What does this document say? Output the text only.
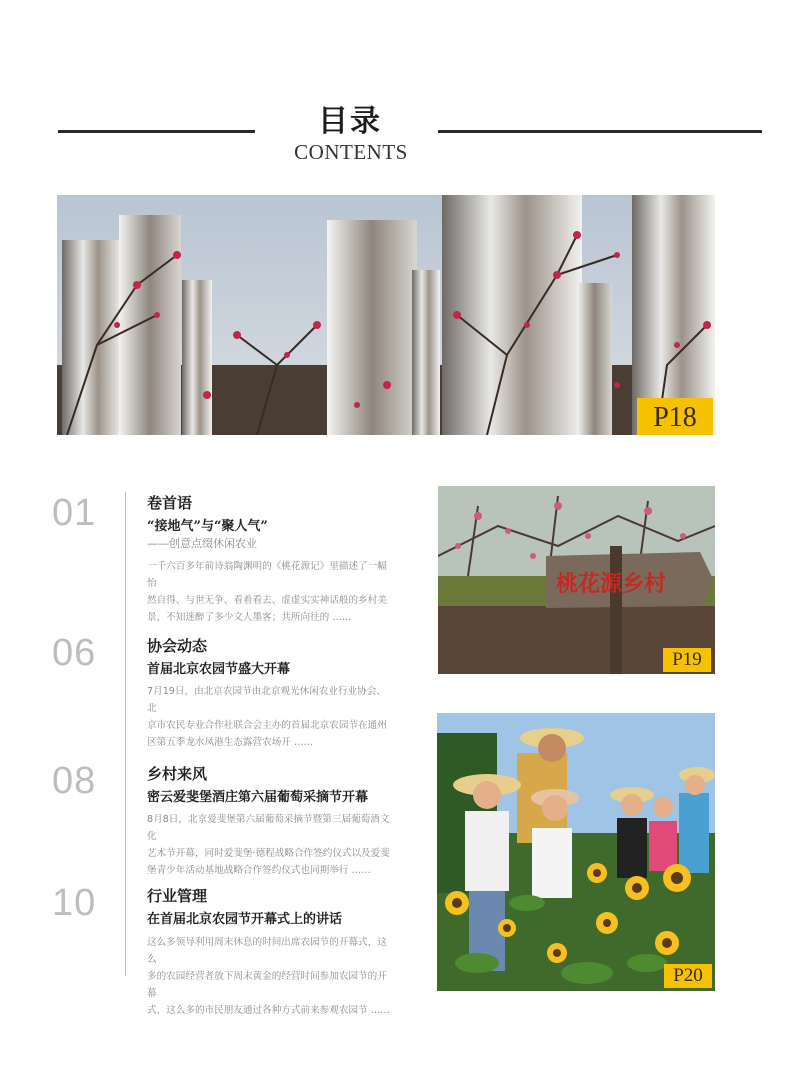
目录
CONTENTS
P18
桃花源乡村
P19
P20
01	卷首语
“接地气”与“聚人气”
——创意点缀休闲农业
一千六百多年前诗翁陶渊明的《桃花源记》里描述了一幅怡
然自得、与世无争、看着看去、虚虚实实神话般的乡村美
景，不知迷醉了多少文人墨客；共所向往的 ……
06	协会动态
首届北京农园节盛大开幕
7月19日，由北京农园节由北京观光休闲农业行业协会、北
京市农民专业合作社联合会主办的首届北京农园节在通州
区第五季龙水凤港生态露营农场开 ……
08	乡村来风
密云爱斐堡酒庄第六届葡萄采摘节开幕
8月8日，北京爱斐堡第六届葡萄采摘节暨第三届葡萄酒文化
艺术节开幕，同时爱斐堡·德程战略合作签约仪式以及爱斐
堡青少年活动基地战略合作签约仪式也同期举行 ……
10	行业管理
在首届北京农园节开幕式上的讲话
这么多领导利用周末休息的时间出席农园节的开幕式，这么
多的农园经营者放下周末黄金的经营时间参加农园节的开幕
式，这么多的市民朋友通过各种方式前来参观农园节 ……
